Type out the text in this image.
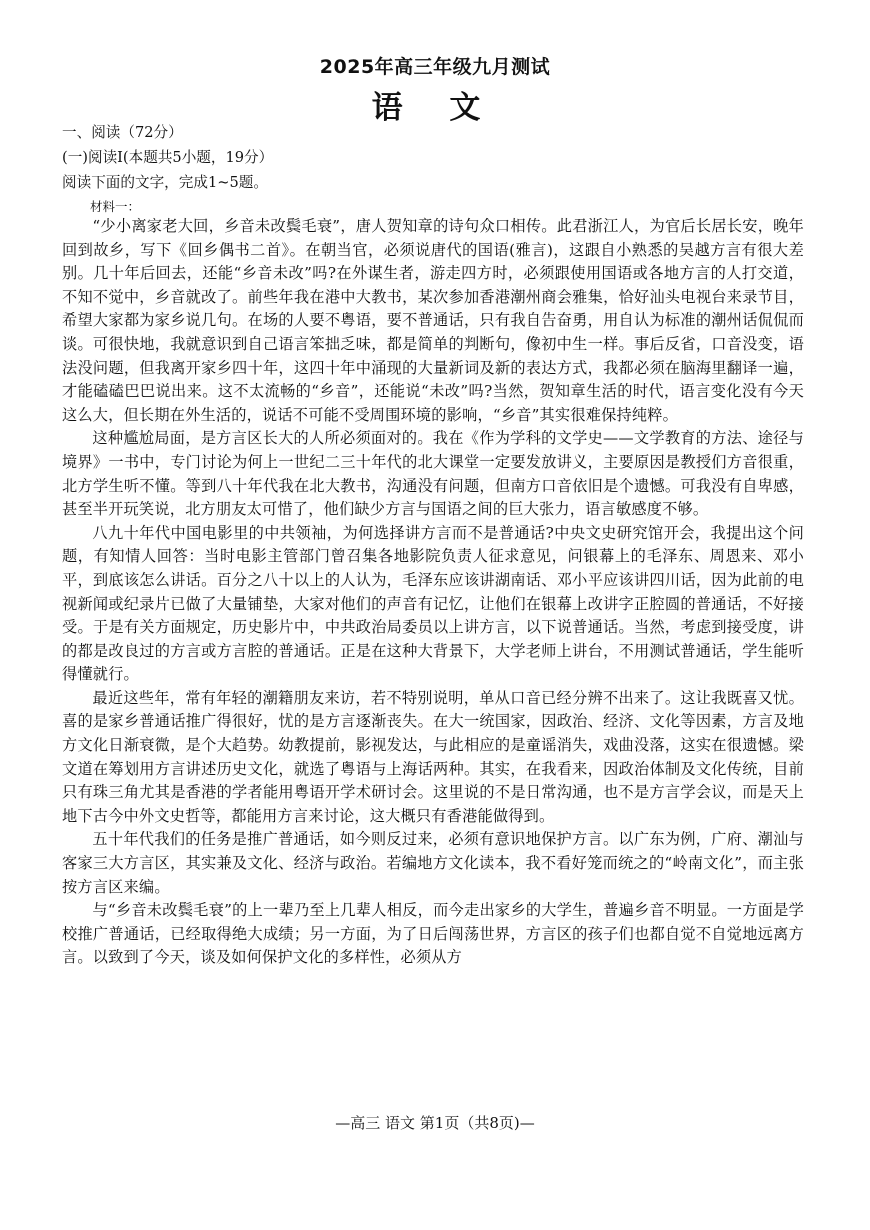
2025年高三年级九月测试
语 文
一、阅读（72分）
(一)阅读Ⅰ(本题共5小题，19分）
阅读下面的文字，完成1~5题。
材料一：

“少小离家老大回，乡音未改鬓毛衰”，唐人贺知章的诗句众口相传。此君浙江人，为官后长居长安，晚年回到故乡，写下《回乡偶书二首》。在朝当官，必须说唐代的国语(雅言)，这跟自小熟悉的吴越方言有很大差别。几十年后回去，还能“乡音未改”吗?在外谋生者，游走四方时，必须跟使用国语或各地方言的人打交道，不知不觉中，乡音就改了。前些年我在港中大教书，某次参加香港潮州商会雅集，恰好汕头电视台来录节目，希望大家都为家乡说几句。在场的人要不粤语，要不普通话，只有我自告奋勇，用自认为标准的潮州话侃侃而谈。可很快地，我就意识到自己语言笨拙乏味，都是简单的判断句，像初中生一样。事后反省，口音没变，语法没问题，但我离开家乡四十年，这四十年中涌现的大量新词及新的表达方式，我都必须在脑海里翻译一遍，才能磕磕巴巴说出来。这不太流畅的“乡音”，还能说“未改”吗?当然，贺知章生活的时代，语言变化没有今天这么大，但长期在外生活的，说话不可能不受周围环境的影响，“乡音”其实很难保持纯粹。

这种尴尬局面，是方言区长大的人所必须面对的。我在《作为学科的文学史——文学教育的方法、途径与境界》一书中，专门讨论为何上一世纪二三十年代的北大课堂一定要发放讲义，主要原因是教授们方音很重，北方学生听不懂。等到八十年代我在北大教书，沟通没有问题，但南方口音依旧是个遗憾。可我没有自卑感，甚至半开玩笑说，北方朋友太可惜了，他们缺少方言与国语之间的巨大张力，语言敏感度不够。

八九十年代中国电影里的中共领袖，为何选择讲方言而不是普通话?中央文史研究馆开会，我提出这个问题，有知情人回答：当时电影主管部门曾召集各地影院负责人征求意见，问银幕上的毛泽东、周恩来、邓小平，到底该怎么讲话。百分之八十以上的人认为，毛泽东应该讲湖南话、邓小平应该讲四川话，因为此前的电视新闻或纪录片已做了大量铺垫，大家对他们的声音有记忆，让他们在银幕上改讲字正腔圆的普通话，不好接受。于是有关方面规定，历史影片中，中共政治局委员以上讲方言，以下说普通话。当然，考虑到接受度，讲的都是改良过的方言或方言腔的普通话。正是在这种大背景下，大学老师上讲台，不用测试普通话，学生能听得懂就行。

最近这些年，常有年轻的潮籍朋友来访，若不特别说明，单从口音已经分辨不出来了。这让我既喜又忧。喜的是家乡普通话推广得很好，忧的是方言逐渐丧失。在大一统国家，因政治、经济、文化等因素，方言及地方文化日渐衰微，是个大趋势。幼教提前，影视发达，与此相应的是童谣消失，戏曲没落，这实在很遗憾。梁文道在筹划用方言讲述历史文化，就选了粤语与上海话两种。其实，在我看来，因政治体制及文化传统，目前只有珠三角尤其是香港的学者能用粤语开学术研讨会。这里说的不是日常沟通，也不是方言学会议，而是天上地下古今中外文史哲等，都能用方言来讨论，这大概只有香港能做得到。

五十年代我们的任务是推广普通话，如今则反过来，必须有意识地保护方言。以广东为例，广府、潮汕与客家三大方言区，其实兼及文化、经济与政治。若编地方文化读本，我不看好笼而统之的“岭南文化”，而主张按方言区来编。

与“乡音未改鬓毛衰”的上一辈乃至上几辈人相反，而今走出家乡的大学生，普遍乡音不明显。一方面是学校推广普通话，已经取得绝大成绩；另一方面，为了日后闯荡世界，方言区的孩子们也都自觉不自觉地远离方言。以致到了今天，谈及如何保护文化的多样性，必须从方

—高三 语文 第1页（共8页)—
